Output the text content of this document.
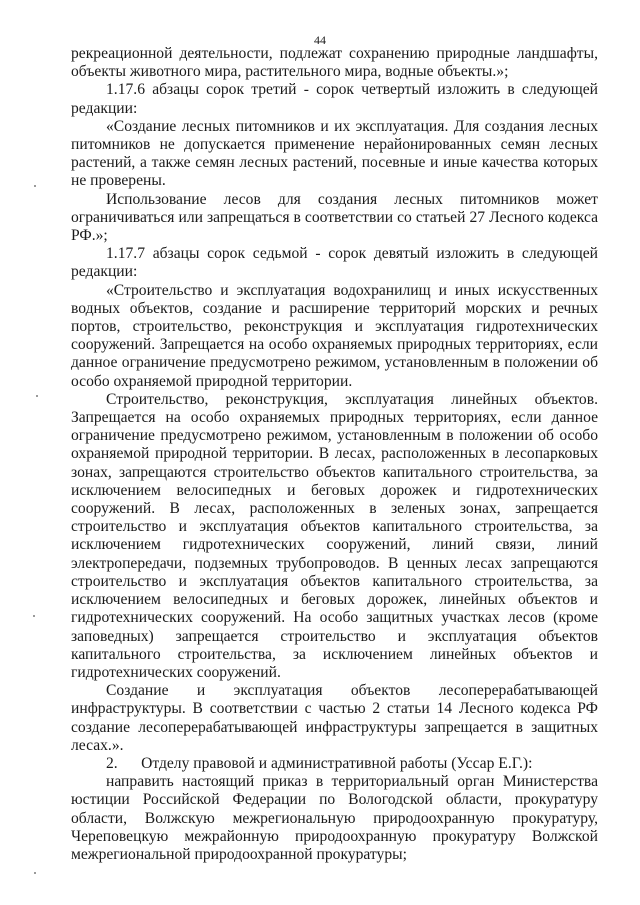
44

рекреационной деятельности, подлежат сохранению природные ландшафты, объекты животного мира, растительного мира, водные объекты.»;

1.17.6 абзацы сорок третий - сорок четвертый изложить в следующей редакции:

«Создание лесных питомников и их эксплуатация. Для создания лесных питомников не допускается применение нерайонированных семян лесных растений, а также семян лесных растений, посевные и иные качества которых не проверены.

Использование лесов для создания лесных питомников может ограничиваться или запрещаться в соответствии со статьей 27 Лесного кодекса РФ.»;

1.17.7 абзацы сорок седьмой - сорок девятый изложить в следующей редакции:

«Строительство и эксплуатация водохранилищ и иных искусственных водных объектов, создание и расширение территорий морских и речных портов, строительство, реконструкция и эксплуатация гидротехнических сооружений. Запрещается на особо охраняемых природных территориях, если данное ограничение предусмотрено режимом, установленным в положении об особо охраняемой природной территории.

Строительство, реконструкция, эксплуатация линейных объектов. Запрещается на особо охраняемых природных территориях, если данное ограничение предусмотрено режимом, установленным в положении об особо охраняемой природной территории. В лесах, расположенных в лесопарковых зонах, запрещаются строительство объектов капитального строительства, за исключением велосипедных и беговых дорожек и гидротехнических сооружений. В лесах, расположенных в зеленых зонах, запрещается строительство и эксплуатация объектов капитального строительства, за исключением гидротехнических сооружений, линий связи, линий электропередачи, подземных трубопроводов. В ценных лесах запрещаются строительство и эксплуатация объектов капитального строительства, за исключением велосипедных и беговых дорожек, линейных объектов и гидротехнических сооружений. На особо защитных участках лесов (кроме заповедных) запрещается строительство и эксплуатация объектов капитального строительства, за исключением линейных объектов и гидротехнических сооружений.

Создание и эксплуатация объектов лесоперерабатывающей инфраструктуры. В соответствии с частью 2 статьи 14 Лесного кодекса РФ создание лесоперерабатывающей инфраструктуры запрещается в защитных лесах.».

2.      Отделу правовой и административной работы (Уссар Е.Г.):

направить настоящий приказ в территориальный орган Министерства юстиции Российской Федерации по Вологодской области, прокуратуру области, Волжскую межрегиональную природоохранную прокуратуру, Череповецкую межрайонную природоохранную прокуратуру Волжской межрегиональной природоохранной прокуратуры;
